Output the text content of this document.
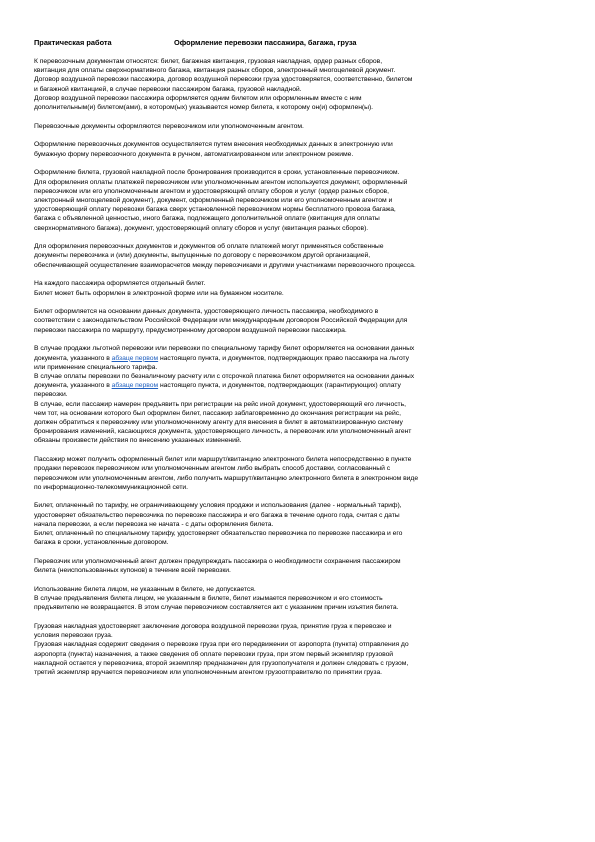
Практическая работа	Оформление перевозки пассажира, багажа, груза

К перевозочным документам относятся: билет, багажная квитанция, грузовая накладная, ордер разных сборов,
квитанция для оплаты сверхнормативного багажа, квитанция разных сборов, электронный многоцелевой документ.
Договор воздушной перевозки пассажира, договор воздушной перевозки груза удостоверяется, соответственно, билетом
и багажной квитанцией, в случае перевозки пассажиром багажа, грузовой накладной.
Договор воздушной перевозки пассажира оформляется одним билетом или оформленным вместе с ним
дополнительным(и) билетом(ами), в котором(ых) указывается номер билета, к которому он(и) оформлен(ы).

Перевозочные документы оформляются перевозчиком или уполномоченным агентом.

Оформление перевозочных документов осуществляется путем внесения необходимых данных в электронную или
бумажную форму перевозочного документа в ручном, автоматизированном или электронном режиме.

Оформление билета, грузовой накладной после бронирования производится в сроки, установленные перевозчиком.
Для оформления оплаты платежей перевозчиком или уполномоченным агентом используется документ, оформленный
перевозчиком или его уполномоченным агентом и удостоверяющий оплату сборов и услуг (ордер разных сборов,
электронный многоцелевой документ), документ, оформленный перевозчиком или его уполномоченным агентом и
удостоверяющий оплату перевозки багажа сверх установленной перевозчиком нормы бесплатного провоза багажа,
багажа с объявленной ценностью, иного багажа, подлежащего дополнительной оплате (квитанция для оплаты
сверхнормативного багажа), документ, удостоверяющий оплату сборов и услуг (квитанция разных сборов).

Для оформления перевозочных документов и документов об оплате платежей могут применяться собственные
документы перевозчика и (или) документы, выпущенные по договору с перевозчиком другой организацией,
обеспечивающей осуществление взаиморасчетов между перевозчиками и другими участниками перевозочного процесса.

На каждого пассажира оформляется отдельный билет.
Билет может быть оформлен в электронной форме или на бумажном носителе.

Билет оформляется на основании данных документа, удостоверяющего личность пассажира, необходимого в
соответствии с законодательством Российской Федерации или международным договором Российской Федерации для
перевозки пассажира по маршруту, предусмотренному договором воздушной перевозки пассажира.

В случае продажи льготной перевозки или перевозки по специальному тарифу билет оформляется на основании данных
документа, указанного в абзаце первом настоящего пункта, и документов, подтверждающих право пассажира на льготу
или применение специального тарифа.
В случае оплаты перевозки по безналичному расчету или с отсрочкой платежа билет оформляется на основании данных
документа, указанного в абзаце первом настоящего пункта, и документов, подтверждающих (гарантирующих) оплату
перевозки.
В случае, если пассажир намерен предъявить при регистрации на рейс иной документ, удостоверяющий его личность,
чем тот, на основании которого был оформлен билет, пассажир заблаговременно до окончания регистрации на рейс,
должен обратиться к перевозчику или уполномоченному агенту для внесения в билет в автоматизированную систему
бронирования изменений, касающихся документа, удостоверяющего личность, а перевозчик или уполномоченный агент
обязаны произвести действия по внесению указанных изменений.

Пассажир может получить оформленный билет или маршрут/квитанцию электронного билета непосредственно в пункте
продажи перевозок перевозчиком или уполномоченным агентом либо выбрать способ доставки, согласованный с
перевозчиком или уполномоченным агентом, либо получить маршрут/квитанцию электронного билета в электронном виде
по информационно-телекоммуникационной сети.

Билет, оплаченный по тарифу, не ограничивающему условия продажи и использования (далее - нормальный тариф),
удостоверяет обязательство перевозчика по перевозке пассажира и его багажа в течение одного года, считая с даты
начала перевозки, а если перевозка не начата - с даты оформления билета.
Билет, оплаченный по специальному тарифу, удостоверяет обязательство перевозчика по перевозке пассажира и его
багажа в сроки, установленные договором.

Перевозчик или уполномоченный агент должен предупреждать пассажира о необходимости сохранения пассажиром
билета (неиспользованных купонов) в течение всей перевозки.

Использование билета лицом, не указанным в билете, не допускается.
В случае предъявления билета лицом, не указанным в билете, билет изымается перевозчиком и его стоимость
предъявителю не возвращается. В этом случае перевозчиком составляется акт с указанием причин изъятия билета.

Грузовая накладная удостоверяет заключение договора воздушной перевозки груза, принятие груза к перевозке и
условия перевозки груза.
Грузовая накладная содержит сведения о перевозке груза при его передвижении от аэропорта (пункта) отправления до
аэропорта (пункта) назначения, а также сведения об оплате перевозки груза, при этом первый экземпляр грузовой
накладной остается у перевозчика, второй экземпляр предназначен для грузополучателя и должен следовать с грузом,
третий экземпляр вручается перевозчиком или уполномоченным агентом грузоотправителю по принятии груза.
